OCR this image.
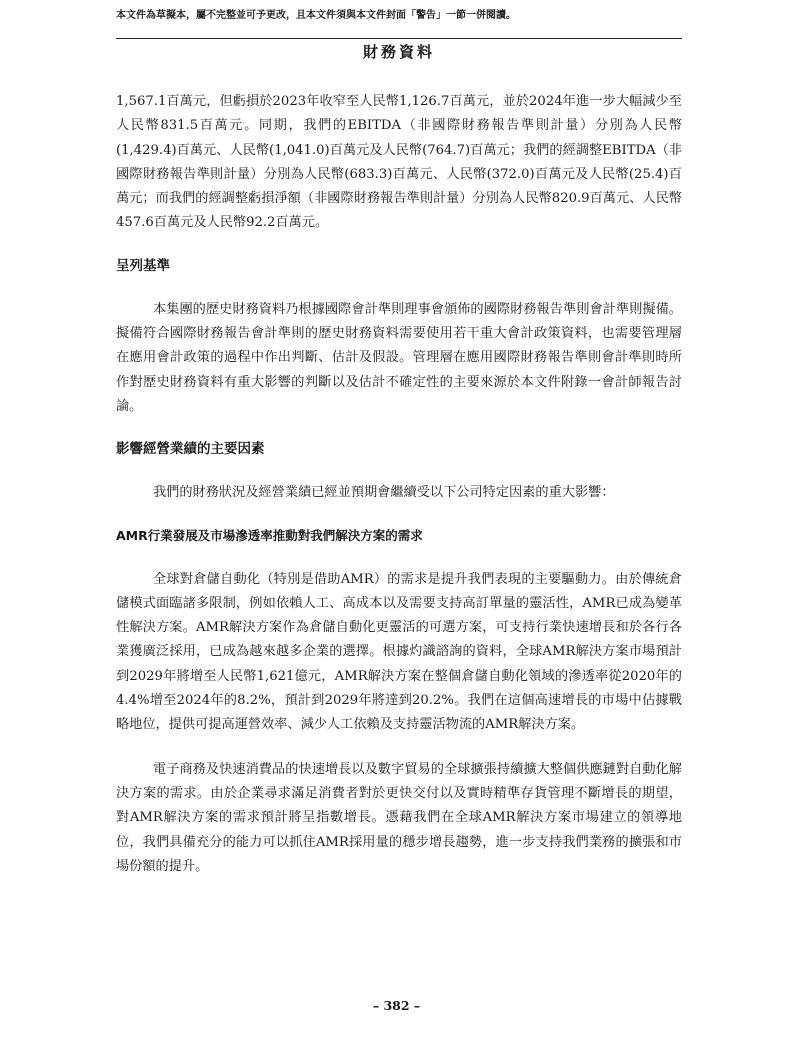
本文件為草擬本，屬不完整並可予更改，且本文件須與本文件封面「警告」一節一併閱讀。
財務資料

1,567.1百萬元，但虧損於2023年收窄至人民幣1,126.7百萬元，並於2024年進一步大幅減少至人民幣831.5百萬元。同期，我們的EBITDA（非國際財務報告準則計量）分別為人民幣(1,429.4)百萬元、人民幣(1,041.0)百萬元及人民幣(764.7)百萬元；我們的經調整EBITDA（非國際財務報告準則計量）分別為人民幣(683.3)百萬元、人民幣(372.0)百萬元及人民幣(25.4)百萬元；而我們的經調整虧損淨額（非國際財務報告準則計量）分別為人民幣820.9百萬元、人民幣457.6百萬元及人民幣92.2百萬元。

呈列基準

本集團的歷史財務資料乃根據國際會計準則理事會頒佈的國際財務報告準則會計準則擬備。擬備符合國際財務報告會計準則的歷史財務資料需要使用若干重大會計政策資料，也需要管理層在應用會計政策的過程中作出判斷、估計及假設。管理層在應用國際財務報告準則會計準則時所作對歷史財務資料有重大影響的判斷以及估計不確定性的主要來源於本文件附錄一會計師報告討論。

影響經營業績的主要因素

我們的財務狀況及經營業績已經並預期會繼續受以下公司特定因素的重大影響：

AMR行業發展及市場滲透率推動對我們解決方案的需求

全球對倉儲自動化（特別是借助AMR）的需求是提升我們表現的主要驅動力。由於傳統倉儲模式面臨諸多限制，例如依賴人工、高成本以及需要支持高訂單量的靈活性，AMR已成為變革性解決方案。AMR解決方案作為倉儲自動化更靈活的可選方案，可支持行業快速增長和於各行各業獲廣泛採用，已成為越來越多企業的選擇。根據灼識諮詢的資料，全球AMR解決方案市場預計到2029年將增至人民幣1,621億元，AMR解決方案在整個倉儲自動化領域的滲透率從2020年的4.4%增至2024年的8.2%，預計到2029年將達到20.2%。我們在這個高速增長的市場中佔據戰略地位，提供可提高運營效率、減少人工依賴及支持靈活物流的AMR解決方案。

電子商務及快速消費品的快速增長以及數字貿易的全球擴張持續擴大整個供應鏈對自動化解決方案的需求。由於企業尋求滿足消費者對於更快交付以及實時精準存貨管理不斷增長的期望，對AMR解決方案的需求預計將呈指數增長。憑藉我們在全球AMR解決方案市場建立的領導地位，我們具備充分的能力可以抓住AMR採用量的穩步增長趨勢，進一步支持我們業務的擴張和市場份額的提升。

– 382 –
